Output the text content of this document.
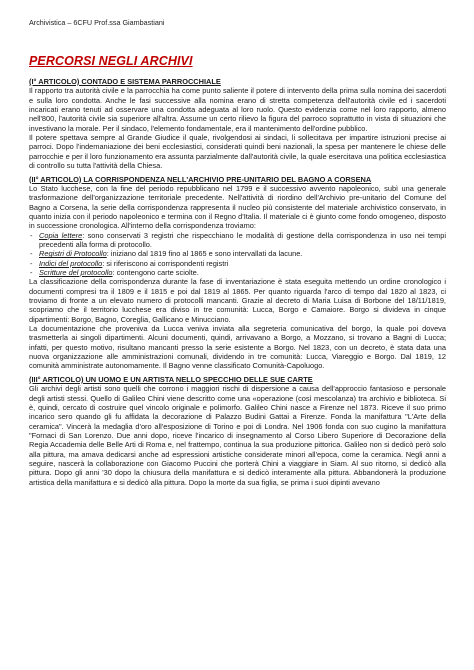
Archivistica – 6CFU Prof.ssa Giambastiani
PERCORSI NEGLI ARCHIVI
(I° ARTICOLO) CONTADO E SISTEMA PARROCCHIALE

Il rapporto tra autorità civile e la parrocchia ha come punto saliente il potere di intervento della prima sulla nomina dei sacerdoti e sulla loro condotta. Anche le fasi successive alla nomina erano di stretta competenza dell'autorità civile ed i sacerdoti incaricati erano tenuti ad osservare una condotta adeguata al loro ruolo. Questo evidenzia come nel loro rapporto, almeno nell'800, l'autorità civile sia superiore all'altra. Assume un certo rilievo la figura del parroco soprattutto in vista di situazioni che investivano la morale. Per il sindaco, l'elemento fondamentale, era il mantenimento dell'ordine pubblico.

Il potere spettava sempre al Grande Giudice il quale, rivolgendosi ai sindaci, li sollecitava per impartire istruzioni precise ai parroci. Dopo l'indemaniazione dei beni ecclesiastici, considerati quindi beni nazionali, la spesa per mantenere le chiese delle parrocchie e per il loro funzionamento era assunta parzialmente dall'autorità civile, la quale esercitava una politica ecclesiastica di controllo su tutta l'attività della Chiesa.

(II° ARTICOLO) LA CORRISPONDENZA NELL'ARCHIVIO PRE-UNITARIO DEL BAGNO A CORSENA

Lo Stato lucchese, con la fine del periodo repubblicano nel 1799 e il successivo avvento napoleonico, subì una generale trasformazione dell'organizzazione territoriale precedente. Nell'attività di riordino dell'Archivio pre-unitario del Comune del Bagno a Corsena, la serie della corrispondenza rappresenta il nucleo più consistente del materiale archivistico conservato, in quanto inizia con il periodo napoleonico e termina con il Regno d'Italia. Il materiale ci è giunto come fondo omogeneo, disposto in successione cronologica. All'interno della corrispondenza troviamo:

- Copia lettere: sono conservati 3 registri che rispecchiano le modalità di gestione della corrispondenza in uso nei tempi precedenti alla forma di protocollo.
- Registri di Protocollo: iniziano dal 1819 fino al 1865 e sono intervallati da lacune.
- Indici del protocollo: si riferiscono ai corrispondenti registri
- Scritture del protocollo: contengono carte sciolte.

La classificazione della corrispondenza durante la fase di inventariazione è stata eseguita mettendo un ordine cronologico i documenti compresi tra il 1809 e il 1815 e poi dal 1819 al 1865. Per quanto riguarda l'arco di tempo dal 1820 al 1823, ci troviamo di fronte a un elevato numero di protocolli mancanti. Grazie al decreto di Maria Luisa di Borbone del 18/11/1819, scopriamo che il territorio lucchese era diviso in tre comunità: Lucca, Borgo e Camaiore. Borgo si divideva in cinque dipartimenti: Borgo, Bagno, Coreglia, Gallicano e Minucciano.

La documentazione che proveniva da Lucca veniva inviata alla segreteria comunicativa del borgo, la quale poi doveva trasmetterla ai singoli dipartimenti. Alcuni documenti, quindi, arrivavano a Borgo, a Mozzano, si trovano a Bagni di Lucca; infatti, per questo motivo, risultano mancanti presso la serie esistente a Borgo. Nel 1823, con un decreto, è stata data una nuova organizzazione alle amministrazioni comunali, dividendo in tre comunità: Lucca, Viareggio e Borgo. Dal 1819, 12 comunità amministrate autonomamente. Il Bagno venne classificato Comunità-Capoluogo.

(III° ARTICOLO) UN UOMO E UN ARTISTA NELLO SPECCHIO DELLE SUE CARTE

Gli archivi degli artisti sono quelli che corrono i maggiori rischi di dispersione a causa dell'approccio fantasioso e personale degli artisti stessi. Quello di Galileo Chini viene descritto come una «operazione (così mescolanza) tra archivio e biblioteca. Si è, quindi, cercato di costruire quel vincolo originale e polimorfo. Galileo Chini nasce a Firenze nel 1873. Riceve il suo primo incarico sero quando gli fu affidata la decorazione di Palazzo Budini Gattai a Firenze. Fonda la manifattura "L'Arte della ceramica". Vincerà la medaglia d'oro all'esposizione di Torino e poi di Londra. Nel 1906 fonda con suo cugino la manifattura "Fornaci di San Lorenzo. Due anni dopo, riceve l'incarico di insegnamento al Corso Libero Superiore di Decorazione della Regia Accademia delle Belle Arti di Roma e, nel frattempo, continua la sua produzione pittorica. Galileo non si dedicò però solo alla pittura, ma amava dedicarsi anche ad espressioni artistiche considerate minori all'epoca, come la ceramica. Negli anni a seguire, nascerà la collaborazione con Giacomo Puccini che porterà Chini a viaggiare in Siam. Al suo ritorno, si dedicò alla pittura. Dopo gli anni '30 dopo la chiusura della manifattura e si dedicò interamente alla pittura. Abbandonerà la produzione artistica della manifattura e si dedicò alla pittura. Dopo la morte da sua figlia, se prima i suoi dipinti avevano
